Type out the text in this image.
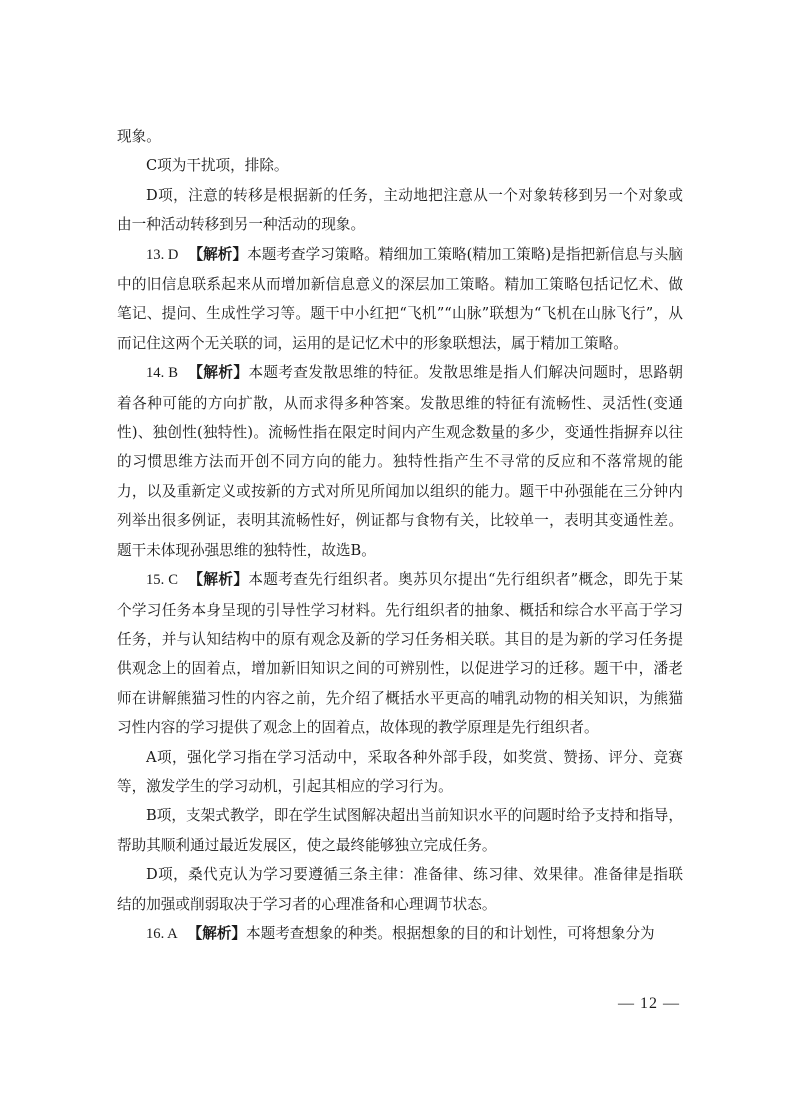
现象。

C项为干扰项，排除。

D项，注意的转移是根据新的任务，主动地把注意从一个对象转移到另一个对象或由一种活动转移到另一种活动的现象。

13. D 【解析】本题考查学习策略。精细加工策略(精加工策略)是指把新信息与头脑中的旧信息联系起来从而增加新信息意义的深层加工策略。精加工策略包括记忆术、做笔记、提问、生成性学习等。题干中小红把“飞机”“山脉”联想为“飞机在山脉飞行”，从而记住这两个无关联的词，运用的是记忆术中的形象联想法，属于精加工策略。

14. B 【解析】本题考查发散思维的特征。发散思维是指人们解决问题时，思路朝着各种可能的方向扩散，从而求得多种答案。发散思维的特征有流畅性、灵活性(变通性)、独创性(独特性)。流畅性指在限定时间内产生观念数量的多少，变通性指摒弃以往的习惯思维方法而开创不同方向的能力。独特性指产生不寻常的反应和不落常规的能力，以及重新定义或按新的方式对所见所闻加以组织的能力。题干中孙强能在三分钟内列举出很多例证，表明其流畅性好，例证都与食物有关，比较单一，表明其变通性差。题干未体现孙强思维的独特性，故选B。

15. C 【解析】本题考查先行组织者。奥苏贝尔提出“先行组织者”概念，即先于某个学习任务本身呈现的引导性学习材料。先行组织者的抽象、概括和综合水平高于学习任务，并与认知结构中的原有观念及新的学习任务相关联。其目的是为新的学习任务提供观念上的固着点，增加新旧知识之间的可辨别性，以促进学习的迁移。题干中，潘老师在讲解熊猫习性的内容之前，先介绍了概括水平更高的哺乳动物的相关知识，为熊猫习性内容的学习提供了观念上的固着点，故体现的教学原理是先行组织者。

A项，强化学习指在学习活动中，采取各种外部手段，如奖赏、赞扬、评分、竞赛等，激发学生的学习动机，引起其相应的学习行为。

B项，支架式教学，即在学生试图解决超出当前知识水平的问题时给予支持和指导，帮助其顺利通过最近发展区，使之最终能够独立完成任务。

D项，桑代克认为学习要遵循三条主律：准备律、练习律、效果律。准备律是指联结的加强或削弱取决于学习者的心理准备和心理调节状态。

16. A 【解析】本题考查想象的种类。根据想象的目的和计划性，可将想象分为

— 12 —
